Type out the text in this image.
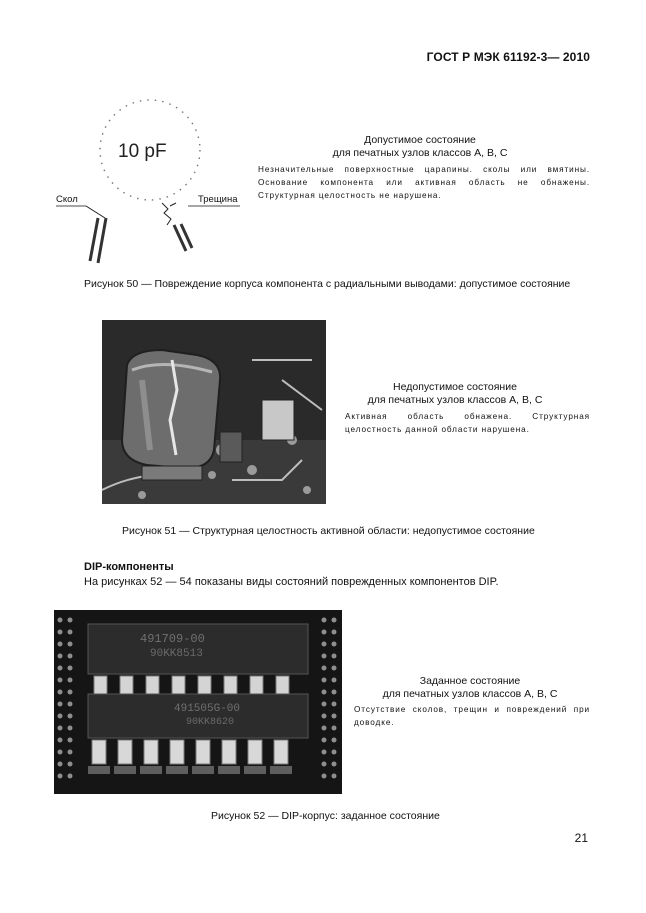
ГОСТ Р МЭК 61192-3— 2010
10 pF
Скол	Трещина
Допустимое состояние
для печатных узлов классов А, В, С
Незначительные поверхностные царапины. сколы или вмятины. Основание компонента или активная область не обнажены. Структурная целостность не нарушена.
Рисунок 50 — Повреждение корпуса компонента с радиальными выводами: допустимое состояние
Недопустимое состояние
для печатных узлов классов А, В, С
Активная область обнажена. Структурная целостность данной области нарушена.
Рисунок 51 — Структурная целостность активной области: недопустимое состояние
DIP-компоненты
На рисунках 52 — 54 показаны виды состояний поврежденных компонентов DIP.
491709-00
90KK8513
491505G-00
90KK8620
Заданное состояние
для печатных узлов классов А, В, С
Отсутствие сколов, трещин и повреждений при доводке.
Рисунок 52 — DIP-корпус: заданное состояние
21
